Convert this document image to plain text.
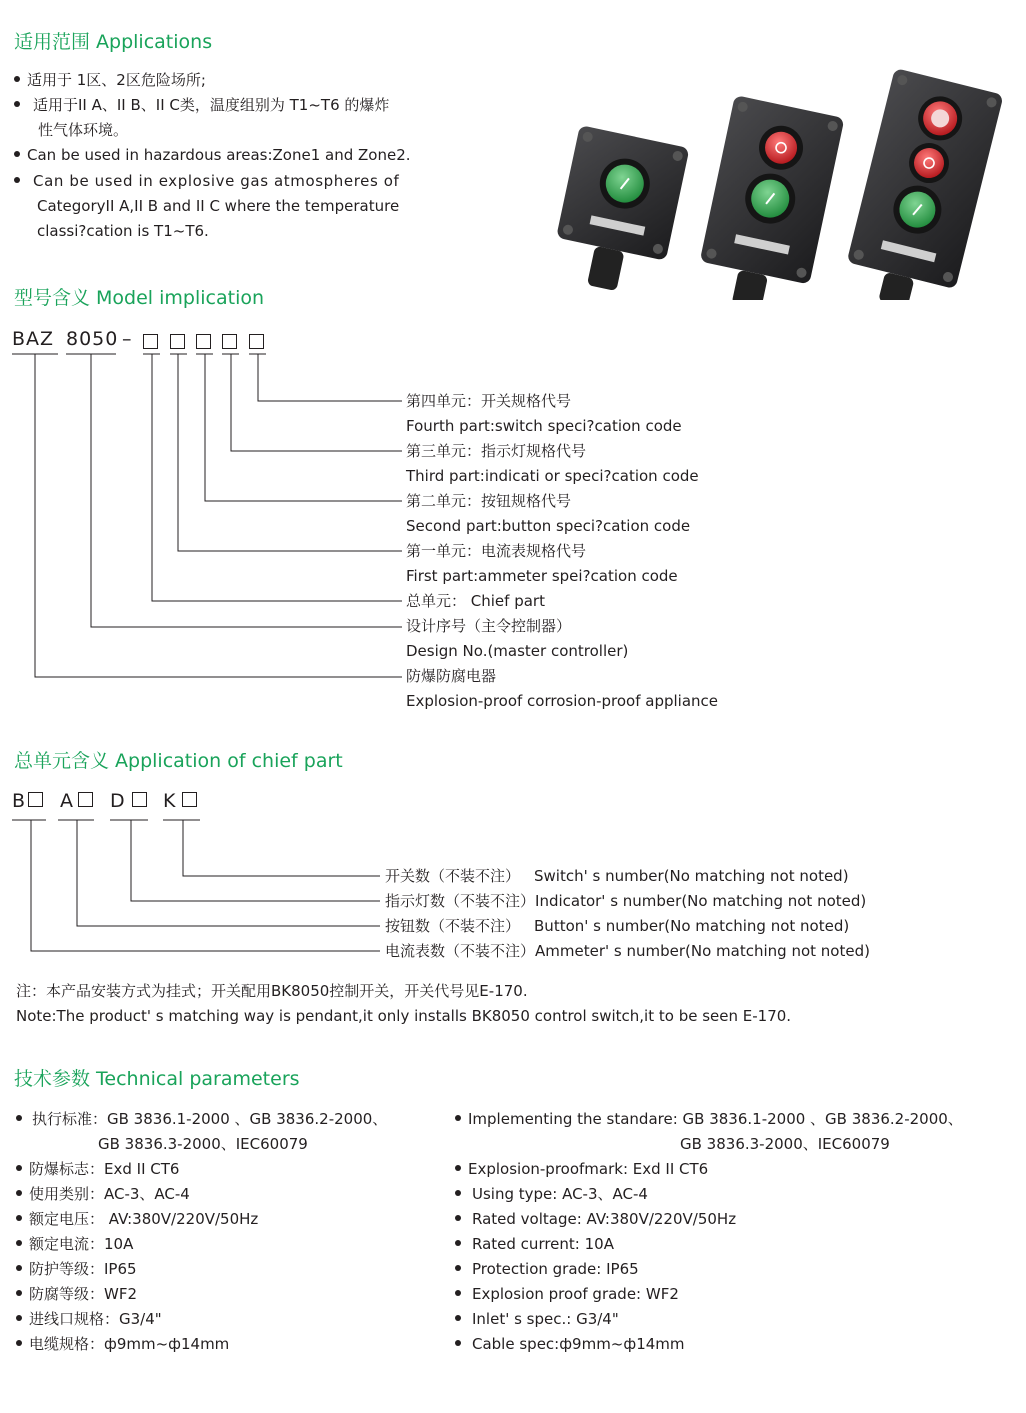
适用范围 Applications
适用于 1区、2区危险场所;
适用于II A、II B、II C类，温度组别为 T1~T6 的爆炸
性气体环境。
Can be used in hazardous areas:Zone1 and Zone2.
Can be used in explosive gas atmospheres of
CategoryII A,II B and II C where the temperature
classi?cation is T1~T6.
型号含义 Model implication
BAZ 8050 –
第四单元：开关规格代号
Fourth part:switch speci?cation code
第三单元：指示灯规格代号
Third part:indicati or speci?cation code
第二单元：按钮规格代号
Second part:button speci?cation code
第一单元：电流表规格代号
First part:ammeter spei?cation code
总单元： Chief part
设计序号（主令控制器）
Design No.(master controller)
防爆防腐电器
Explosion-proof corrosion-proof appliance
总单元含义 Application of chief part
B	A	D	K
开关数（不装不注） Switch' s number(No matching not noted)
指示灯数（不装不注）Indicator' s number(No matching not noted)
按钮数（不装不注） Button' s number(No matching not noted)
电流表数（不装不注）Ammeter' s number(No matching not noted)
注：本产品安装方式为挂式；开关配用BK8050控制开关，开关代号见E-170.
Note:The product' s matching way is pendant,it only installs BK8050 control switch,it to be seen E-170.
技术参数 Technical parameters
执行标准：GB 3836.1-2000 、GB 3836.2-2000、
GB 3836.3-2000、IEC60079
防爆标志：Exd II CT6
使用类别：AC-3、AC-4
额定电压： AV:380V/220V/50Hz
额定电流：10A
防护等级：IP65
防腐等级：WF2
进线口规格：G3/4"
电缆规格：ф9mm~ф14mm
Implementing the standare: GB 3836.1-2000 、GB 3836.2-2000、
GB 3836.3-2000、IEC60079
Explosion-proofmark: Exd II CT6
Using type: AC-3、AC-4
Rated voltage: AV:380V/220V/50Hz
Rated current: 10A
Protection grade: IP65
Explosion proof grade: WF2
Inlet' s spec.: G3/4"
Cable spec:ф9mm~ф14mm
